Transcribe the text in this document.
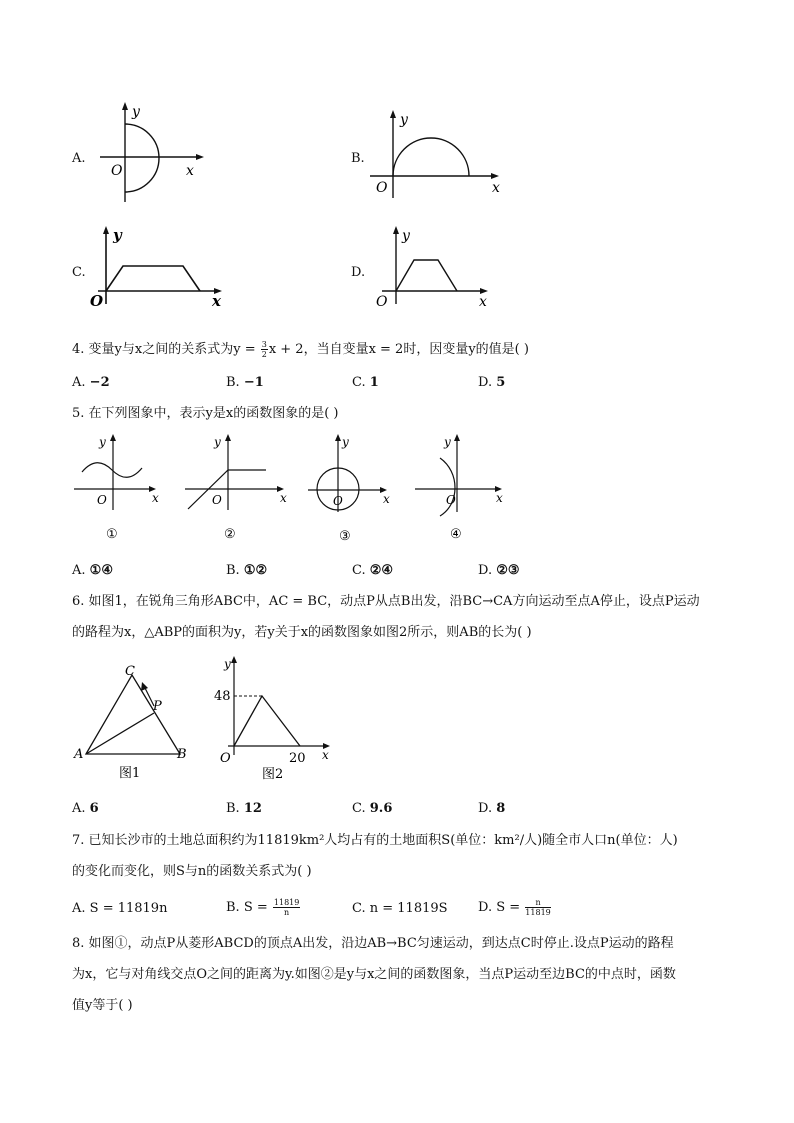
A.
y
O	x
B.
y
O	x
C.
y
O	x
D.
y
O	x
4. 变量y与x之间的关系式为$y = \frac{3}{2}$ x + 2，当自变量x = 2时，因变量y的值是( )
A. −2	B. −1	C. 1	D. 5
5. 在下列图象中，表示y是x的函数图象的是( )
y
O	x
①
y
O	x
②
y
O	x
③
y
O	x
④
A. ①④	B. ①②	C. ②④	D. ②③
6. 如图1，在锐角三角形ABC中，AC = BC，动点P从点B出发，沿BC→CA方向运动至点A停止，设点P运动
的路程为x，△ABP的面积为y，若y关于x的函数图象如图2所示，则AB的长为( )
A
C
B
P
图1
y
48
O	20 x
图2
A. 6	B. 12	C. 9.6	D. 8
7. 已知长沙市的土地总面积约为11819km²人均占有的土地面积S(单位：km²/人)随全市人口n(单位：人)
的变化而变化，则S与n的函数关系式为( )
A. S = 11819n	B. $S = \frac{11819}{n}$	C. n = 11819S D. $S = \frac{n}{11819}$
8. 如图①，动点P从菱形ABCD的顶点A出发，沿边AB→BC匀速运动，到达点C时停止.设点P运动的路程
为x，它与对角线交点O之间的距离为y.如图②是y与x之间的函数图象，当点P运动至边BC的中点时，函数
值y等于( )
